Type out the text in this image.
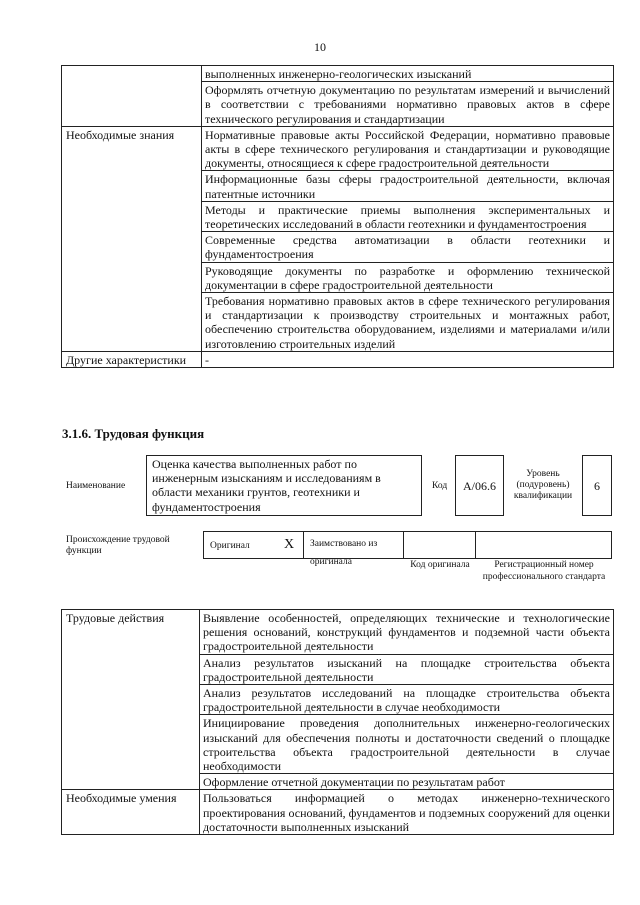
10
	выполненных инженерно-геологических изысканий
	Оформлять отчетную документацию по результатам измерений и вычислений в соответствии с требованиями нормативно правовых актов в сфере технического регулирования и стандартизации
Необходимые знания	Нормативные правовые акты Российской Федерации, нормативно правовые акты в сфере технического регулирования и стандартизации и руководящие документы, относящиеся к сфере градостроительной деятельности
	Информационные базы сферы градостроительной деятельности, включая патентные источники
	Методы и практические приемы выполнения экспериментальных и теоретических исследований в области геотехники и фундаментостроения
	Современные средства автоматизации в области геотехники и фундаментостроения
	Руководящие документы по разработке и оформлению технической документации в сфере градостроительной деятельности
	Требования нормативно правовых актов в сфере технического регулирования и стандартизации к производству строительных и монтажных работ, обеспечению строительства оборудованием, изделиями и материалами и/или изготовлению строительных изделий
Другие характеристики	-
3.1.6. Трудовая функция
Наименование
Оценка качества выполненных работ по инженерным изысканиям и исследованиям в области механики грунтов, геотехники и фундаментостроения
Код	А/06.6
Уровень (подуровень) квалификации
6
Происхождение трудовой функции	Оригинал X	Заимствовано из оригинала	Код оригинала	Регистрационный номер профессионального стандарта
Трудовые действия	Выявление особенностей, определяющих технические и технологические решения оснований, конструкций фундаментов и подземной части объекта градостроительной деятельности
	Анализ результатов изысканий на площадке строительства объекта градостроительной деятельности
	Анализ результатов исследований на площадке строительства объекта градостроительной деятельности в случае необходимости
	Инициирование проведения дополнительных инженерно-геологических изысканий для обеспечения полноты и достаточности сведений о площадке строительства объекта градостроительной деятельности в случае необходимости
	Оформление отчетной документации по результатам работ
Необходимые умения	Пользоваться информацией о методах инженерно-технического проектирования оснований, фундаментов и подземных сооружений для оценки достаточности выполненных изысканий
